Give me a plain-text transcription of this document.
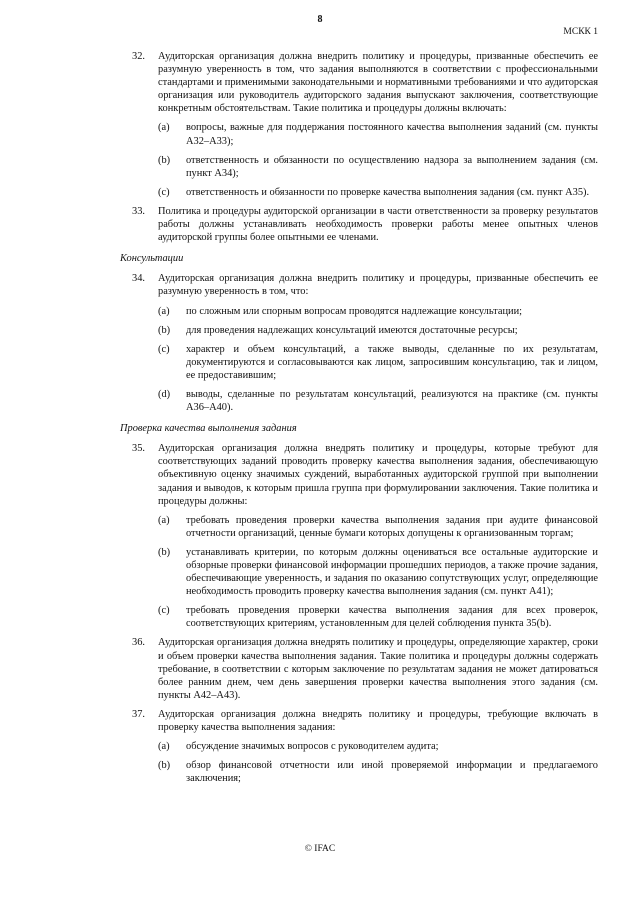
8
МСКК 1
32. Аудиторская организация должна внедрить политику и процедуры, призванные обеспечить ее разумную уверенность в том, что задания выполняются в соответствии с профессиональными стандартами и применимыми законодательными и нормативными требованиями и что аудиторская организация или руководитель аудиторского задания выпускают заключения, соответствующие конкретным обстоятельствам. Такие политика и процедуры должны включать:
(a) вопросы, важные для поддержания постоянного качества выполнения заданий (см. пункты А32–А33);
(b) ответственность и обязанности по осуществлению надзора за выполнением задания (см. пункт А34);
(c) ответственность и обязанности по проверке качества выполнения задания (см. пункт А35).
33. Политика и процедуры аудиторской организации в части ответственности за проверку результатов работы должны устанавливать необходимость проверки работы менее опытных членов аудиторской группы более опытными ее членами.
Консультации
34. Аудиторская организация должна внедрить политику и процедуры, призванные обеспечить ее разумную уверенность в том, что:
(a) по сложным или спорным вопросам проводятся надлежащие консультации;
(b) для проведения надлежащих консультаций имеются достаточные ресурсы;
(c) характер и объем консультаций, а также выводы, сделанные по их результатам, документируются и согласовываются как лицом, запросившим консультацию, так и лицом, ее предоставившим;
(d) выводы, сделанные по результатам консультаций, реализуются на практике (см. пункты А36–А40).
Проверка качества выполнения задания
35. Аудиторская организация должна внедрять политику и процедуры, которые требуют для соответствующих заданий проводить проверку качества выполнения задания, обеспечивающую объективную оценку значимых суждений, выработанных аудиторской группой при выполнении задания и выводов, к которым пришла группа при формулировании заключения. Такие политика и процедуры должны:
(a) требовать проведения проверки качества выполнения задания при аудите финансовой отчетности организаций, ценные бумаги которых допущены к организованным торгам;
(b) устанавливать критерии, по которым должны оцениваться все остальные аудиторские и обзорные проверки финансовой информации прошедших периодов, а также прочие задания, обеспечивающие уверенность, и задания по оказанию сопутствующих услуг, определяющие необходимость проводить проверку качества выполнения задания (см. пункт А41);
(c) требовать проведения проверки качества выполнения задания для всех проверок, соответствующих критериям, установленным для целей соблюдения пункта 35(b).
36. Аудиторская организация должна внедрять политику и процедуры, определяющие характер, сроки и объем проверки качества выполнения задания. Такие политика и процедуры должны содержать требование, в соответствии с которым заключение по результатам задания не может датироваться более ранним днем, чем день завершения проверки качества выполнения этого задания (см. пункты А42–А43).
37. Аудиторская организация должна внедрять политику и процедуры, требующие включать в проверку качества выполнения задания:
(a) обсуждение значимых вопросов с руководителем аудита;
(b) обзор финансовой отчетности или иной проверяемой информации и предлагаемого заключения;
© IFAC
